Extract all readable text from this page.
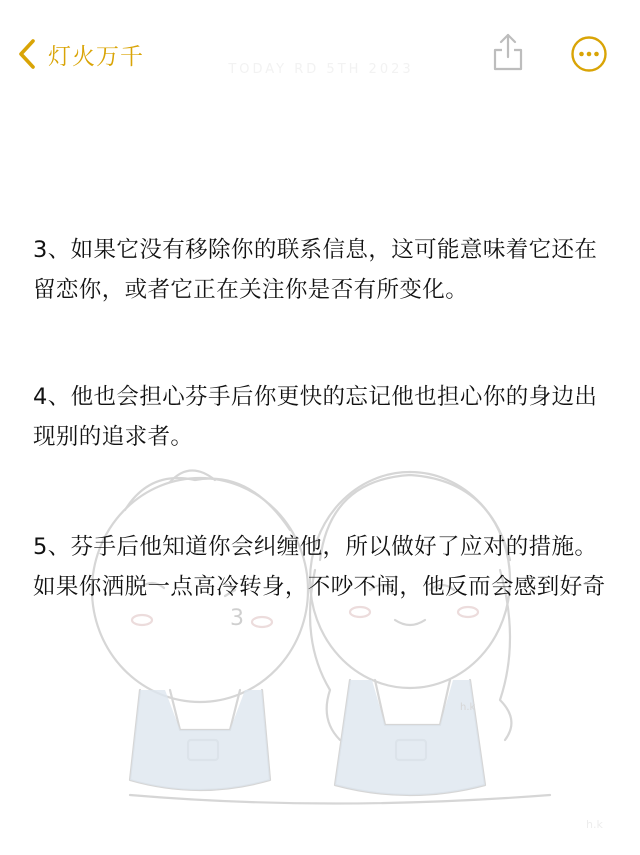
灯火万千	TODAY RD 5TH 2023
3
h.k

3、如果它没有移除你的联系信息，这可能意味着它还在留恋你，或者它正在关注你是否有所变化。

4、他也会担心芬手后你更快的忘记他也担心你的身边出现别的追求者。

5、芬手后他知道你会纠缠他，所以做好了应对的措施。如果你洒脱一点高冷转身，不吵不闹，他反而会感到好奇

h.k
